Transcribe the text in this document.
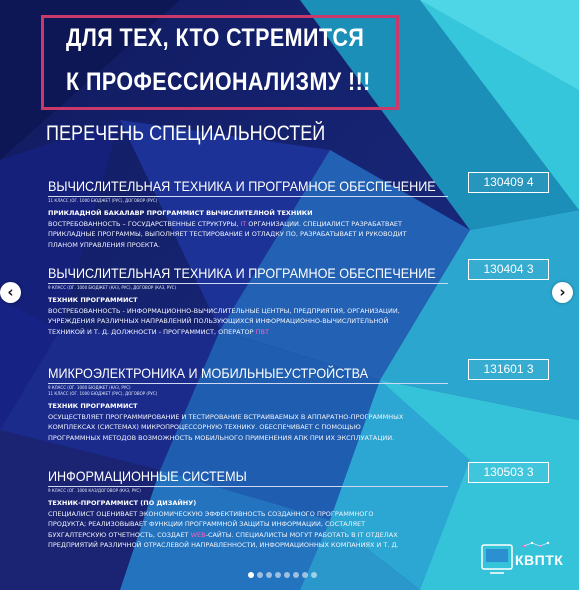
ДЛЯ ТЕХ, КТО СТРЕМИТСЯ
К ПРОФЕССИОНАЛИЗМУ !!!
ПЕРЕЧЕНЬ СПЕЦИАЛЬНОСТЕЙ
ВЫЧИСЛИТЕЛЬНАЯ ТЕХНИКА И ПРОГРАМНОЕ ОБЕСПЕЧЕНИЕ	130409 4
11 КЛАСС (ОГ. 1000 БЮДЖЕТ (РУС), ДОГОВОР (РУС)
ПРИКЛАДНОЙ БАКАЛАВР ПРОГРАММИСТ ВЫЧИСЛИТЕЛНОЙ ТЕХНИКИ
ВОСТРЕБОВАННОСТЬ – ГОСУДАРСТВЕННЫЕ СТРУКТУРЫ, IT ОРГАНИЗАЦИИ. СПЕЦИАЛИСТ РАЗРАБАТВАЕТ ПРИКЛАДНЫЕ ПРОГРАММЫ, ВЫПОЛНЯЕТ ТЕСТИРОВАНИЕ И ОТЛАДКУ ПО, РАЗРАБАТЫВАЕТ И РУКОВОДИТ ПЛАНОМ УПРАВЛЕНИЯ ПРОЕКТА.
ВЫЧИСЛИТЕЛЬНАЯ ТЕХНИКА И ПРОГРАМНОЕ ОБЕСПЕЧЕНИЕ	130404 3
9 КЛАСС (ОГ. 1000 БЮДЖЕТ (КАЗ, РУС), ДОГОВОР (КАЗ, РУС)
ТЕХНИК ПРОГРАММИСТ
ВОСТРЕБОВАННОСТЬ - ИНФОРМАЦИОННО-ВЫЧИСЛИТЕЛЬНЫЕ ЦЕНТРЫ, ПРЕДПРИЯТИЯ, ОРГАНИЗАЦИИ, УЧРЕЖДЕНИЯ РАЗЛИЧНЫХ НАПРАВЛЕНИЙ ПОЛЬЗУЮЩИХСЯ ИНФОРМАЦИОННО-ВЫЧИСЛИТЕЛЬНОЙ ТЕХНИКОЙ И Т. Д. ДОЛЖНОСТИ - ПРОГРАММИСТ, ОПЕРАТОР ПВТ
МИКРОЭЛЕКТРОНИКА И МОБИЛЬНЫЕУСТРОЙСТВА	131601 3
9 КЛАСС (ОГ. 1000 БЮДЖЕТ (КАЗ, РУС)
11 КЛАСС (ОГ. 1000 БЮДЖЕТ (РУС), ДОГОВОР (РУС)
ТЕХНИК ПРОГРАММИСТ
ОСУЩЕСТВЛЯЕТ ПРОГРАММИРОВАНИЕ И ТЕСТИРОВАНИЕ ВСТРАИВАЕМЫХ В АППАРАТНО-ПРОГРАММНЫХ КОМПЛЕКСАХ (СИСТЕМАХ) МИКРОПРОЦЕССОРНУЮ ТЕХНИКУ. ОБЕСПЕЧИВАЕТ С ПОМОЩЬЮ ПРОГРАММНЫХ МЕТОДОВ ВОЗМОЖНОСТЬ МОБИЛЬНОГО ПРИМЕНЕНИЯ АПК ПРИ ИХ ЭКСПЛУАТАЦИИ.
ИНФОРМАЦИОННЫЕ СИСТЕМЫ	130503 3
9 КЛАСС (ОГ. 1000 КАЗ/ДОГОВОР (КАЗ, РУС)
ТЕХНИК-ПРОГРАММИСТ (ПО ДИЗАЙНУ)
СПЕЦИАЛИСТ ОЦЕНИВАЕТ ЭКОНОМИЧЕСКУЮ ЭФФЕКТИВНОСТЬ СОЗДАННОГО ПРОГРАММНОГО ПРОДУКТА; РЕАЛИЗОВЫВАЕТ ФУНКЦИИ ПРОГРАММНОЙ ЗАЩИТЫ ИНФОРМАЦИИ, СОСТАЛЯЕТ БУХГАЛТЕРСКУЮ ОТЧЕТНОСТЬ, СОЗДАЕТ WEB-САЙТЫ. СПЕЦИАЛИСТЫ МОГУТ РАБОТАТЬ В IT ОТДЕЛАХ ПРЕДПРИЯТИЙ РАЗЛИЧНОЙ ОТРАСЛЕВОЙ НАПРАВЛЕННОСТИ, ИНФОРМАЦИОННЫХ КОМПАНИЯХ И Т. Д.
КВПТК
‹	›
